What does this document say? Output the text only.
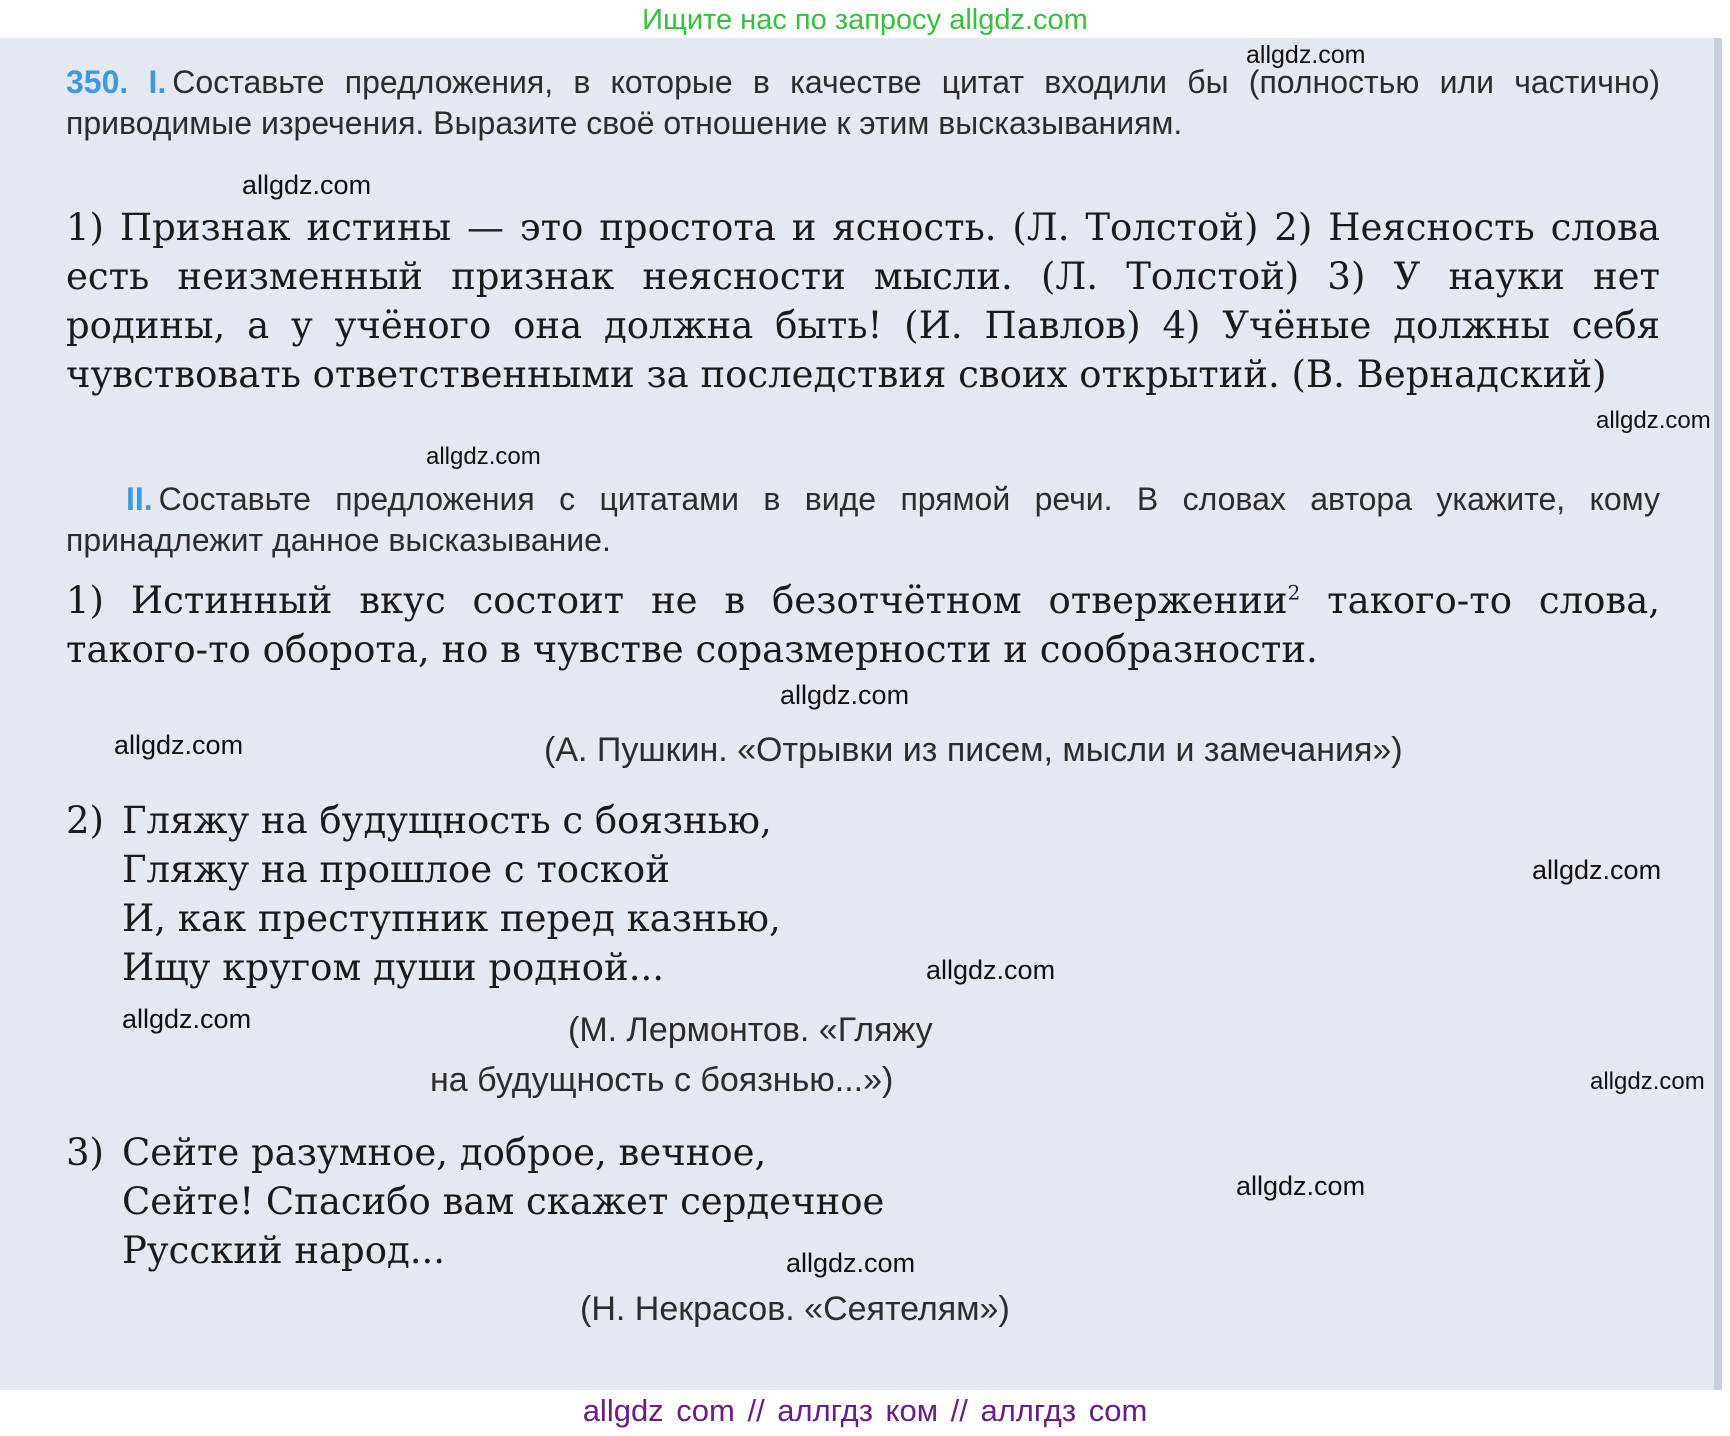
Ищите нас по запросу allgdz.com
350. I. Составьте предложения, в которые в качестве цитат входили бы (полностью или частично) приводимые изречения. Выразите своё отношение к этим высказываниям.
1) Признак истины — это простота и ясность. (Л. Толстой) 2) Неясность слова есть неизменный признак неясности мысли. (Л. Толстой) 3) У науки нет родины, а у учёного она должна быть! (И. Павлов) 4) Учёные должны себя чувствовать ответственными за последствия своих открытий. (В. Вернадский)
II. Составьте предложения с цитатами в виде прямой речи. В словах автора укажите, кому принадлежит данное высказывание.
1) Истинный вкус состоит не в безотчётном отвержении$^2$ такого-то слова, такого-то оборота, но в чувстве соразмерности и сообразности.
(А. Пушкин. «Отрывки из писем, мысли и замечания»)
2) Гляжу на будущность с боязнью,
Гляжу на прошлое с тоской
И, как преступник перед казнью,
Ищу кругом души родной...
(М. Лермонтов. «Гляжу
на будущность с боязнью...»)
3) Сейте разумное, доброе, вечное,
Сейте! Спасибо вам скажет сердечное
Русский народ...
(Н. Некрасов. «Сеятелям»)
allgdz.com
allgdz.com
allgdz.com
allgdz.com
allgdz.com
allgdz.com
allgdz.com
allgdz.com
allgdz.com
allgdz.com
allgdz.com
allgdz.com
allgdz com // аллгдз ком // аллгдз com
